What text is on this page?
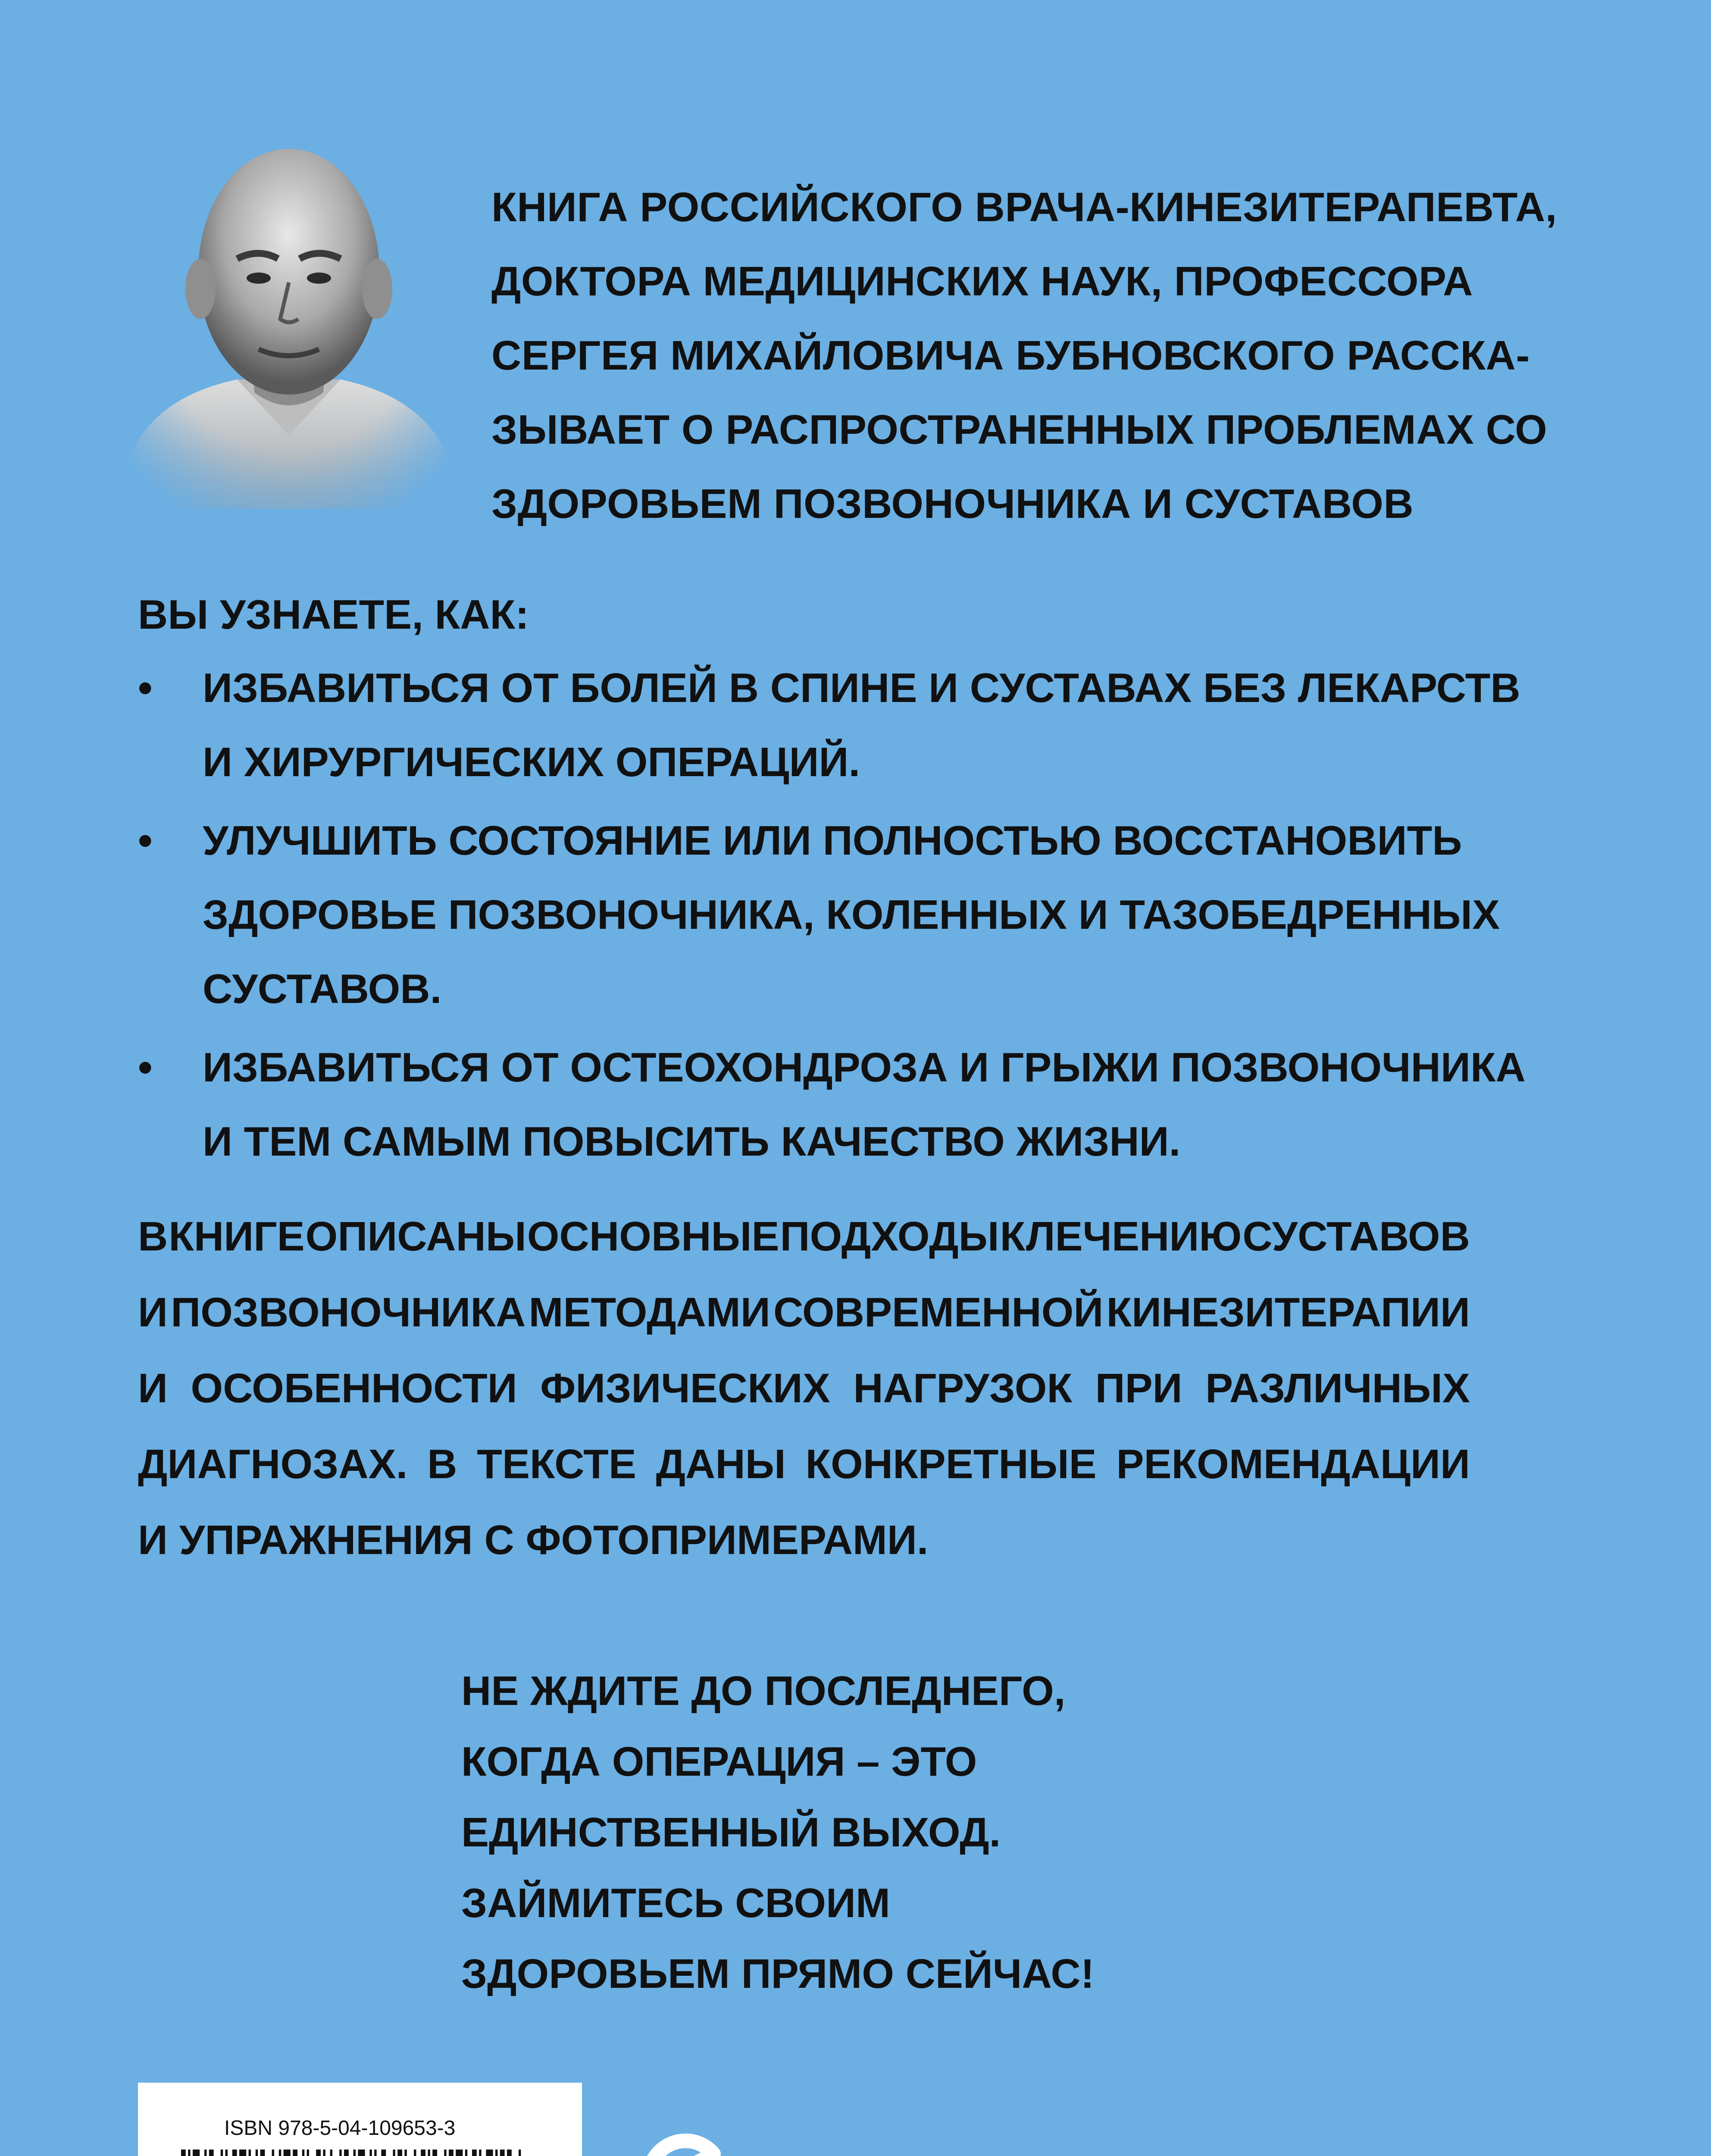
КНИГА РОССИЙСКОГО ВРАЧА-КИНЕЗИТЕРАПЕВТА,
ДОКТОРА МЕДИЦИНСКИХ НАУК, ПРОФЕССОРА
СЕРГЕЯ МИХАЙЛОВИЧА БУБНОВСКОГО РАССКА-
ЗЫВАЕТ О РАСПРОСТРАНЕННЫХ ПРОБЛЕМАХ СО
ЗДОРОВЬЕМ ПОЗВОНОЧНИКА И СУСТАВОВ
ВЫ УЗНАЕТЕ, КАК:
• ИЗБАВИТЬСЯ ОТ БОЛЕЙ В СПИНЕ И СУСТАВАХ БЕЗ ЛЕКАРСТВ
И ХИРУРГИЧЕСКИХ ОПЕРАЦИЙ.
• УЛУЧШИТЬ СОСТОЯНИЕ ИЛИ ПОЛНОСТЬЮ ВОССТАНОВИТЬ
ЗДОРОВЬЕ ПОЗВОНОЧНИКА, КОЛЕННЫХ И ТАЗОБЕДРЕННЫХ
СУСТАВОВ.
• ИЗБАВИТЬСЯ ОТ ОСТЕОХОНДРОЗА И ГРЫЖИ ПОЗВОНОЧНИКА
И ТЕМ САМЫМ ПОВЫСИТЬ КАЧЕСТВО ЖИЗНИ.
В КНИГЕ ОПИСАНЫ ОСНОВНЫЕ ПОДХОДЫ К ЛЕЧЕНИЮ СУСТАВОВ
И ПОЗВОНОЧНИКА МЕТОДАМИ СОВРЕМЕННОЙ КИНЕЗИТЕРАПИИ
И ОСОБЕННОСТИ ФИЗИЧЕСКИХ НАГРУЗОК ПРИ РАЗЛИЧНЫХ
ДИАГНОЗАХ. В ТЕКСТЕ ДАНЫ КОНКРЕТНЫЕ РЕКОМЕНДАЦИИ
И УПРАЖНЕНИЯ С ФОТОПРИМЕРАМИ.
НЕ ЖДИТЕ ДО ПОСЛЕДНЕГО,
КОГДА ОПЕРАЦИЯ – ЭТО
ЕДИНСТВЕННЫЙ ВЫХОД.
ЗАЙМИТЕСЬ СВОИМ
ЗДОРОВЬЕМ ПРЯМО СЕЙЧАС!
ISBN 978-5-04-109653-3
